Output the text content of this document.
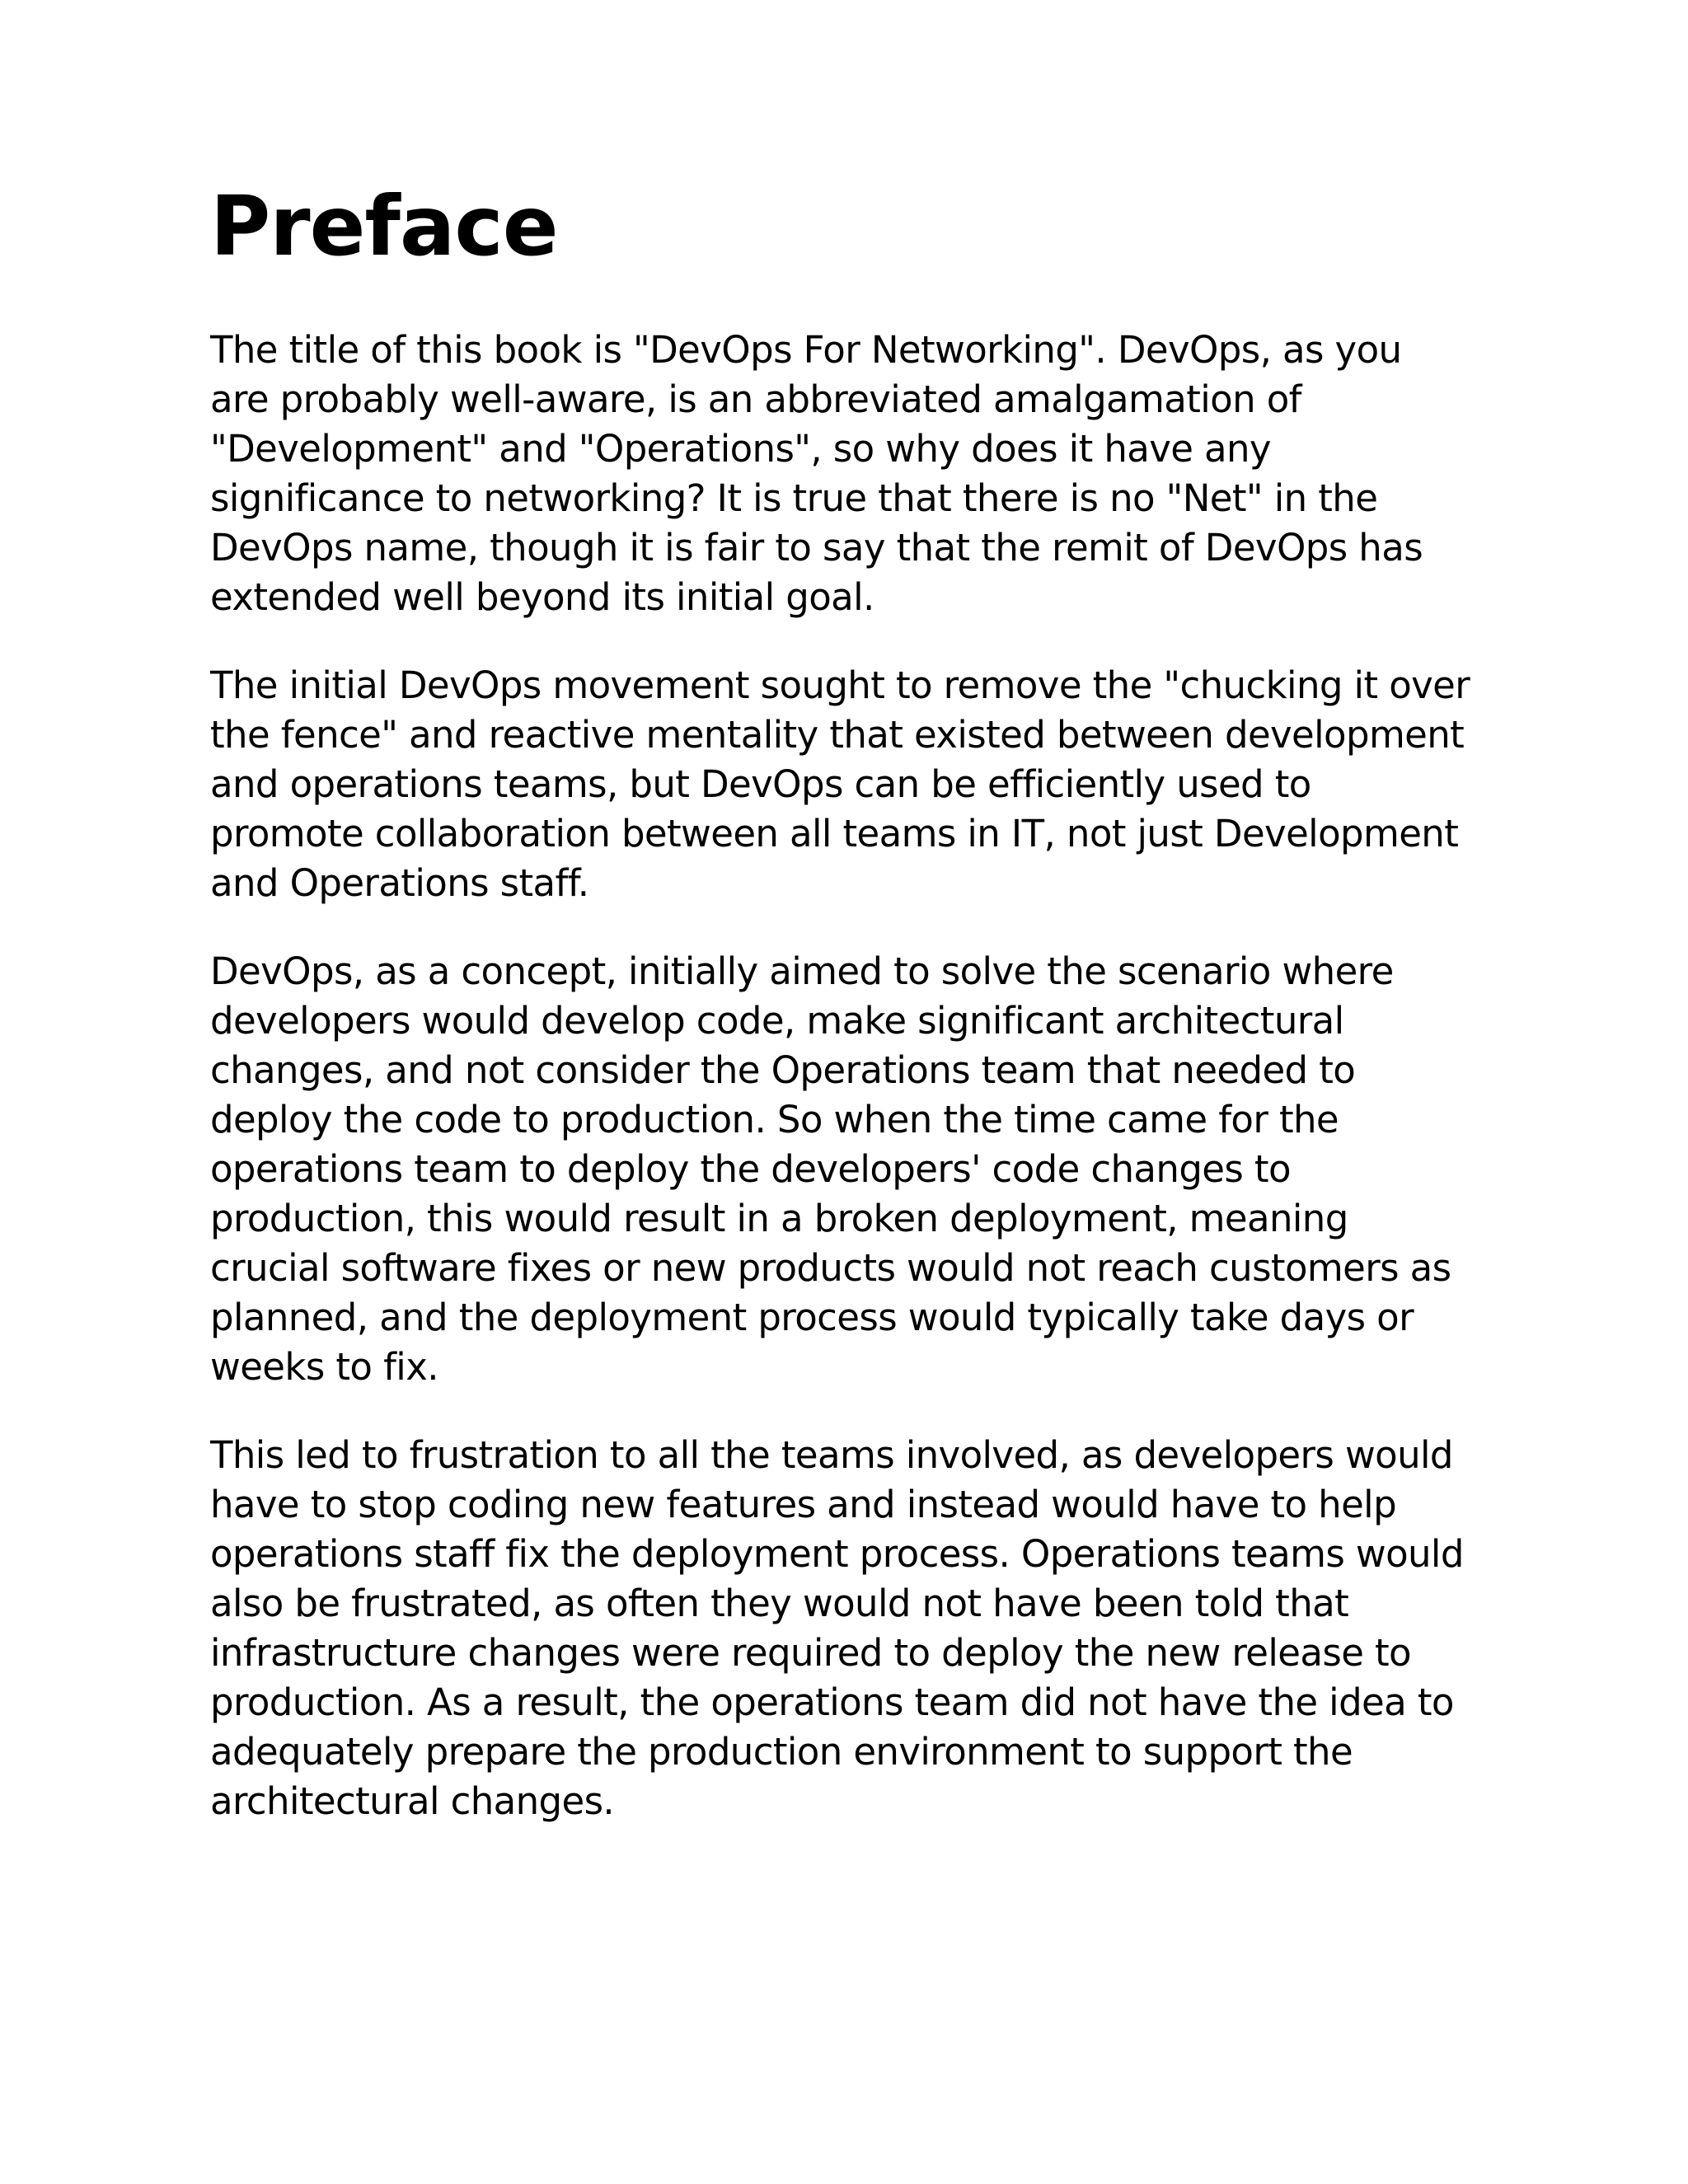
Preface

The title of this book is "DevOps For Networking". DevOps, as you
are probably well-aware, is an abbreviated amalgamation of
"Development" and "Operations", so why does it have any
significance to networking? It is true that there is no "Net" in the
DevOps name, though it is fair to say that the remit of DevOps has
extended well beyond its initial goal.

The initial DevOps movement sought to remove the "chucking it over
the fence" and reactive mentality that existed between development
and operations teams, but DevOps can be efficiently used to
promote collaboration between all teams in IT, not just Development
and Operations staff.

DevOps, as a concept, initially aimed to solve the scenario where
developers would develop code, make significant architectural
changes, and not consider the Operations team that needed to
deploy the code to production. So when the time came for the
operations team to deploy the developers' code changes to
production, this would result in a broken deployment, meaning
crucial software fixes or new products would not reach customers as
planned, and the deployment process would typically take days or
weeks to fix.

This led to frustration to all the teams involved, as developers would
have to stop coding new features and instead would have to help
operations staff fix the deployment process. Operations teams would
also be frustrated, as often they would not have been told that
infrastructure changes were required to deploy the new release to
production. As a result, the operations team did not have the idea to
adequately prepare the production environment to support the
architectural changes.
